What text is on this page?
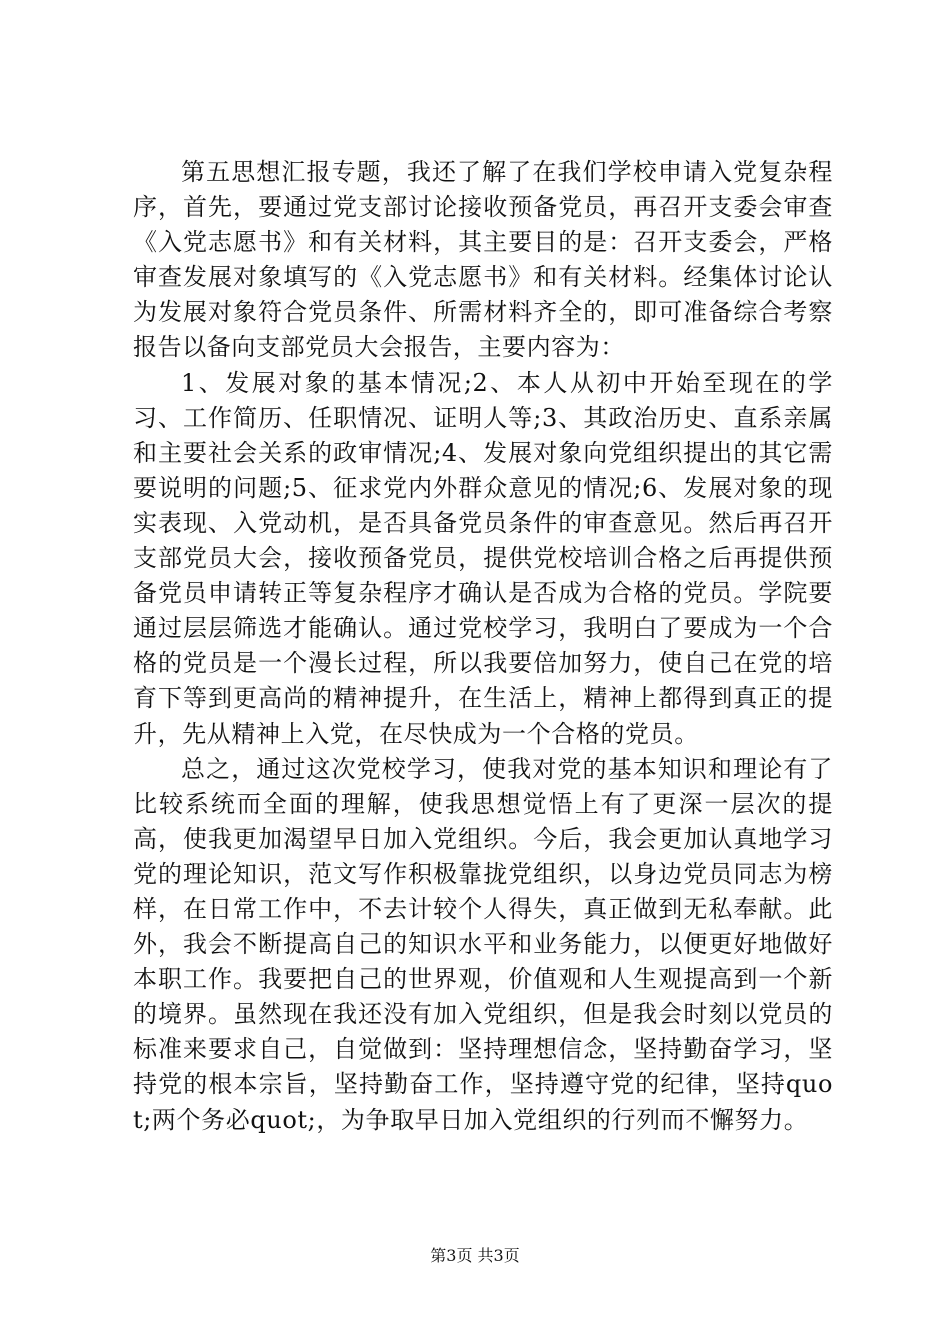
第五思想汇报专题，我还了解了在我们学校申请入党复杂程序，首先，要通过党支部讨论接收预备党员，再召开支委会审查《入党志愿书》和有关材料，其主要目的是：召开支委会，严格审查发展对象填写的《入党志愿书》和有关材料。经集体讨论认为发展对象符合党员条件、所需材料齐全的，即可准备综合考察报告以备向支部党员大会报告，主要内容为：

1、发展对象的基本情况;2、本人从初中开始至现在的学习、工作简历、任职情况、证明人等;3、其政治历史、直系亲属和主要社会关系的政审情况;4、发展对象向党组织提出的其它需要说明的问题;5、征求党内外群众意见的情况;6、发展对象的现实表现、入党动机，是否具备党员条件的审查意见。然后再召开支部党员大会，接收预备党员，提供党校培训合格之后再提供预备党员申请转正等复杂程序才确认是否成为合格的党员。学院要通过层层筛选才能确认。通过党校学习，我明白了要成为一个合格的党员是一个漫长过程，所以我要倍加努力，使自己在党的培育下等到更高尚的精神提升，在生活上，精神上都得到真正的提升，先从精神上入党，在尽快成为一个合格的党员。

总之，通过这次党校学习，使我对党的基本知识和理论有了比较系统而全面的理解，使我思想觉悟上有了更深一层次的提高，使我更加渴望早日加入党组织。今后，我会更加认真地学习党的理论知识，范文写作积极靠拢党组织，以身边党员同志为榜样，在日常工作中，不去计较个人得失，真正做到无私奉献。此外，我会不断提高自己的知识水平和业务能力，以便更好地做好本职工作。我要把自己的世界观，价值观和人生观提高到一个新的境界。虽然现在我还没有加入党组织，但是我会时刻以党员的标准来要求自己，自觉做到：坚持理想信念，坚持勤奋学习，坚持党的根本宗旨，坚持勤奋工作，坚持遵守党的纪律，坚持quot;两个务必quot;，为争取早日加入党组织的行列而不懈努力。

第3页 共3页
